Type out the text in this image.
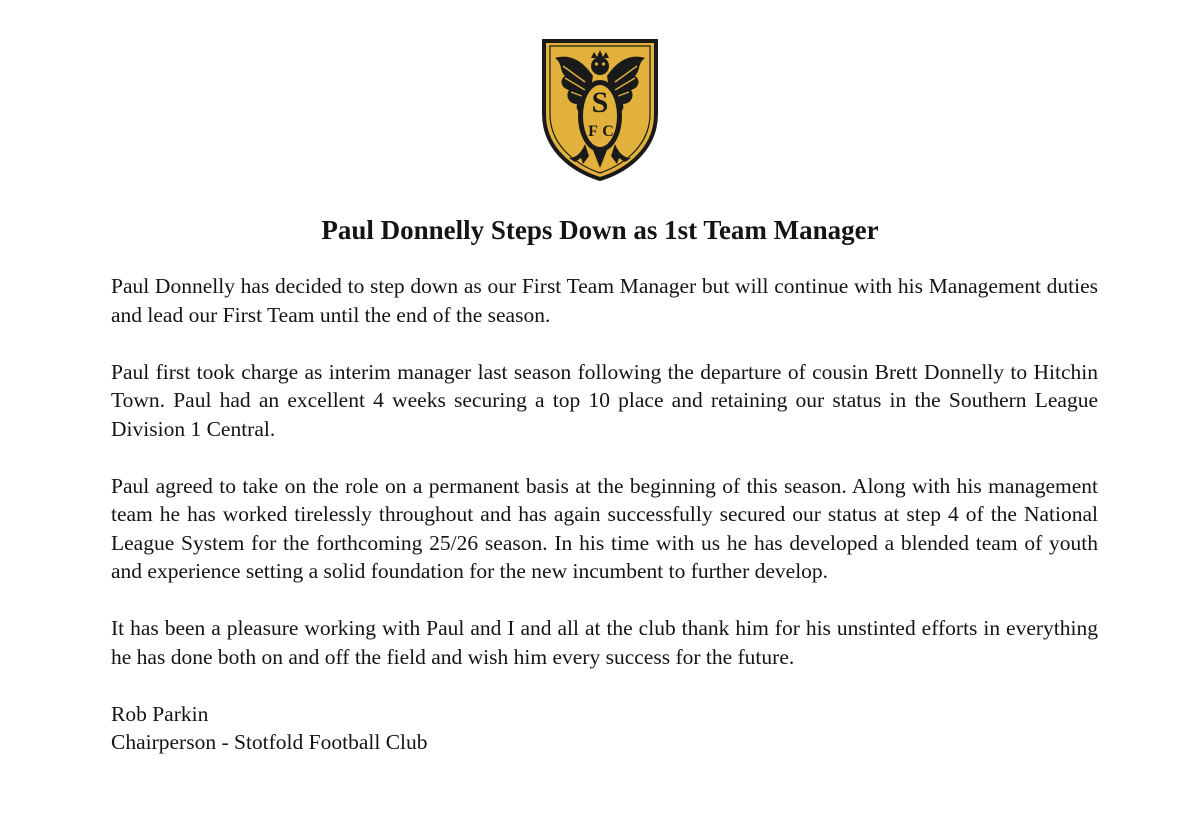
S
F C
Paul Donnelly Steps Down as 1st Team Manager

Paul Donnelly has decided to step down as our First Team Manager but will continue with his Management duties and lead our First Team until the end of the season.

Paul first took charge as interim manager last season following the departure of cousin Brett Donnelly to Hitchin Town. Paul had an excellent 4 weeks securing a top 10 place and retaining our status in the Southern League Division 1 Central.

Paul agreed to take on the role on a permanent basis at the beginning of this season. Along with his management team he has worked tirelessly throughout and has again successfully secured our status at step 4 of the National League System for the forthcoming 25/26 season. In his time with us he has developed a blended team of youth and experience setting a solid foundation for the new incumbent to further develop.

It has been a pleasure working with Paul and I and all at the club thank him for his unstinted efforts in everything he has done both on and off the field and wish him every success for the future.

Rob Parkin

Chairperson - Stotfold Football Club
